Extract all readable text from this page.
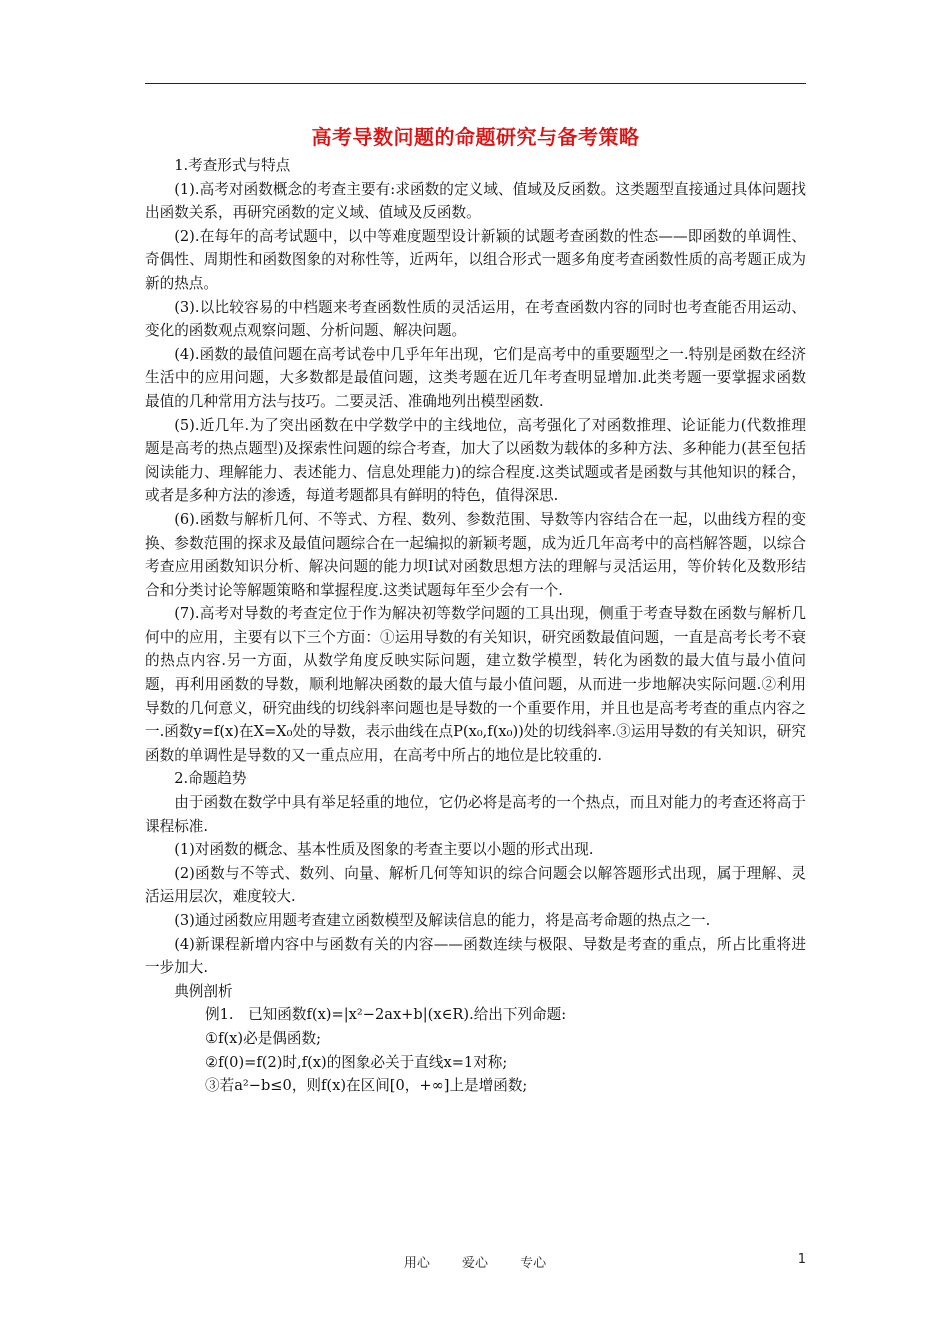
高考导数问题的命题研究与备考策略

1.考查形式与特点

(1).高考对函数概念的考查主要有:求函数的定义域、值域及反函数。这类题型直接通过具体问题找出函数关系，再研究函数的定义域、值域及反函数。

(2).在每年的高考试题中，以中等难度题型设计新颖的试题考查函数的性态——即函数的单调性、奇偶性、周期性和函数图象的对称性等，近两年，以组合形式一题多角度考查函数性质的高考题正成为新的热点。

(3).以比较容易的中档题来考查函数性质的灵活运用，在考查函数内容的同时也考查能否用运动、变化的函数观点观察问题、分析问题、解决问题。

(4).函数的最值问题在高考试卷中几乎年年出现，它们是高考中的重要题型之一.特别是函数在经济生活中的应用问题，大多数都是最值问题，这类考题在近几年考查明显增加.此类考题一要掌握求函数最值的几种常用方法与技巧。二要灵活、准确地列出模型函数.

(5).近几年.为了突出函数在中学数学中的主线地位，高考强化了对函数推理、论证能力(代数推理题是高考的热点题型)及探索性问题的综合考查，加大了以函数为载体的多种方法、多种能力(甚至包括阅读能力、理解能力、表述能力、信息处理能力)的综合程度.这类试题或者是函数与其他知识的糅合，或者是多种方法的渗透，每道考题都具有鲜明的特色，值得深思.

(6).函数与解析几何、不等式、方程、数列、参数范围、导数等内容结合在一起，以曲线方程的变换、参数范围的探求及最值问题综合在一起编拟的新颖考题，成为近几年高考中的高档解答题，以综合考查应用函数知识分析、解决问题的能力坝Ⅰ试对函数思想方法的理解与灵活运用，等价转化及数形结合和分类讨论等解题策略和掌握程度.这类试题每年至少会有一个.

(7).高考对导数的考查定位于作为解决初等数学问题的工具出现，侧重于考查导数在函数与解析几何中的应用，主要有以下三个方面：①运用导数的有关知识，研究函数最值问题，一直是高考长考不衰的热点内容.另一方面，从数学角度反映实际问题，建立数学模型，转化为函数的最大值与最小值问题，再利用函数的导数，顺利地解决函数的最大值与最小值问题，从而进一步地解决实际问题.②利用导数的几何意义，研究曲线的切线斜率问题也是导数的一个重要作用，并且也是高考考查的重点内容之一.函数y=f(x)在X=X₀处的导数，表示曲线在点P(x₀,f(x₀))处的切线斜率.③运用导数的有关知识，研究函数的单调性是导数的又一重点应用，在高考中所占的地位是比较重的.

2.命题趋势

由于函数在数学中具有举足轻重的地位，它仍必将是高考的一个热点，而且对能力的考查还将高于课程标准.

(1)对函数的概念、基本性质及图象的考查主要以小题的形式出现.

(2)函数与不等式、数列、向量、解析几何等知识的综合问题会以解答题形式出现，属于理解、灵活运用层次，难度较大.

(3)通过函数应用题考查建立函数模型及解读信息的能力，将是高考命题的热点之一.

(4)新课程新增内容中与函数有关的内容——函数连续与极限、导数是考查的重点，所占比重将进一步加大.

典例剖析

例1.　已知函数f(x)=|x²−2ax+b|(x∈R).给出下列命题:

①f(x)必是偶函数;

②f(0)=f(2)时,f(x)的图象必关于直线x=1对称;

③若a²−b≤0，则f(x)在区间[0，+∞]上是增函数;

用心 爱心 专心	1
